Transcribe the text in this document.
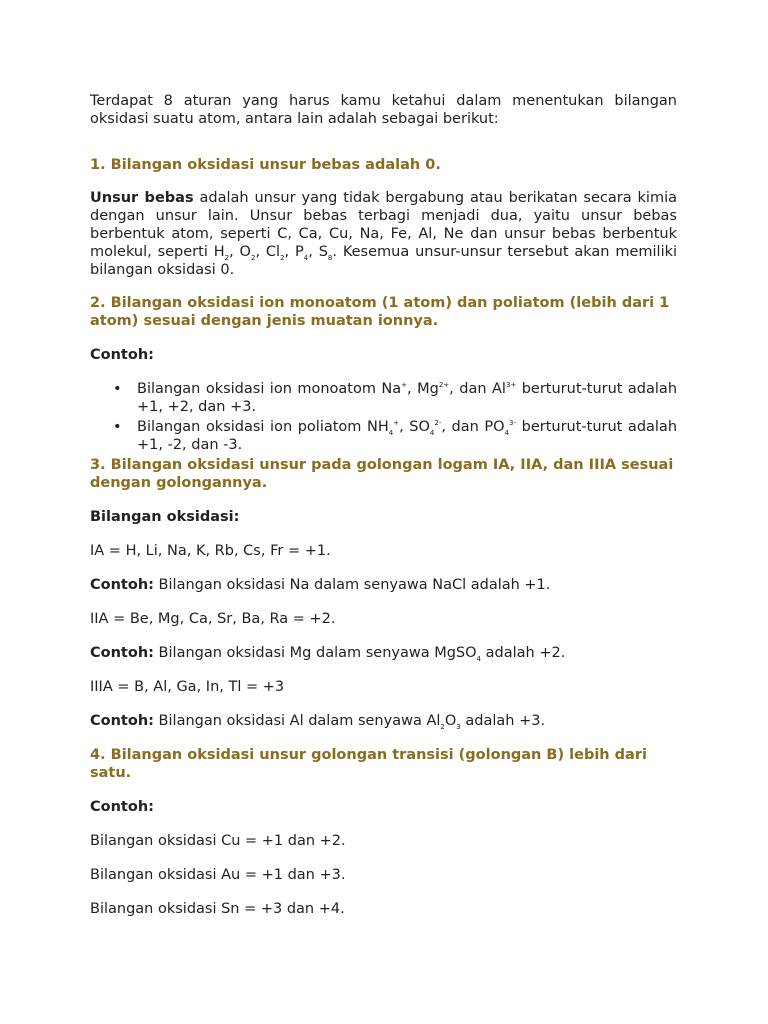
Terdapat 8 aturan yang harus kamu ketahui dalam menentukan bilangan oksidasi suatu atom, antara lain adalah sebagai berikut:

1. Bilangan oksidasi unsur bebas adalah 0.

Unsur bebas adalah unsur yang tidak bergabung atau berikatan secara kimia dengan unsur lain. Unsur bebas terbagi menjadi dua, yaitu unsur bebas berbentuk atom, seperti C, Ca, Cu, Na, Fe, Al, Ne dan unsur bebas berbentuk molekul, seperti $H_2$, $O_2$, $Cl_2$, $P_4$, $S_8$. Kesemua unsur-unsur tersebut akan memiliki bilangan oksidasi 0.

2. Bilangan oksidasi ion monoatom (1 atom) dan poliatom (lebih dari 1 atom) sesuai dengan jenis muatan ionnya.

Contoh:

• Bilangan oksidasi ion monoatom Na+, $Mg^{2+}$, dan $Al^{3+}$ berturut-turut adalah +1, +2, dan +3.
• Bilangan oksidasi ion poliatom $NH_4^+$, $SO_4^{2-}$, dan $PO_4^{3-}$ berturut-turut adalah +1, -2, dan -3.

3. Bilangan oksidasi unsur pada golongan logam IA, IIA, dan IIIA sesuai dengan golongannya.

Bilangan oksidasi:

IA = H, Li, Na, K, Rb, Cs, Fr = +1.

Contoh: Bilangan oksidasi Na dalam senyawa NaCl adalah +1.

IIA = Be, Mg, Ca, Sr, Ba, Ra = +2.

Contoh: Bilangan oksidasi Mg dalam senyawa MgSO$_4$ adalah +2.

IIIA = B, Al, Ga, In, Tl = +3

Contoh: Bilangan oksidasi Al dalam senyawa $Al_2O_3$ adalah +3.

4. Bilangan oksidasi unsur golongan transisi (golongan B) lebih dari satu.

Contoh:

Bilangan oksidasi Cu = +1 dan +2.

Bilangan oksidasi Au = +1 dan +3.

Bilangan oksidasi Sn = +3 dan +4.
